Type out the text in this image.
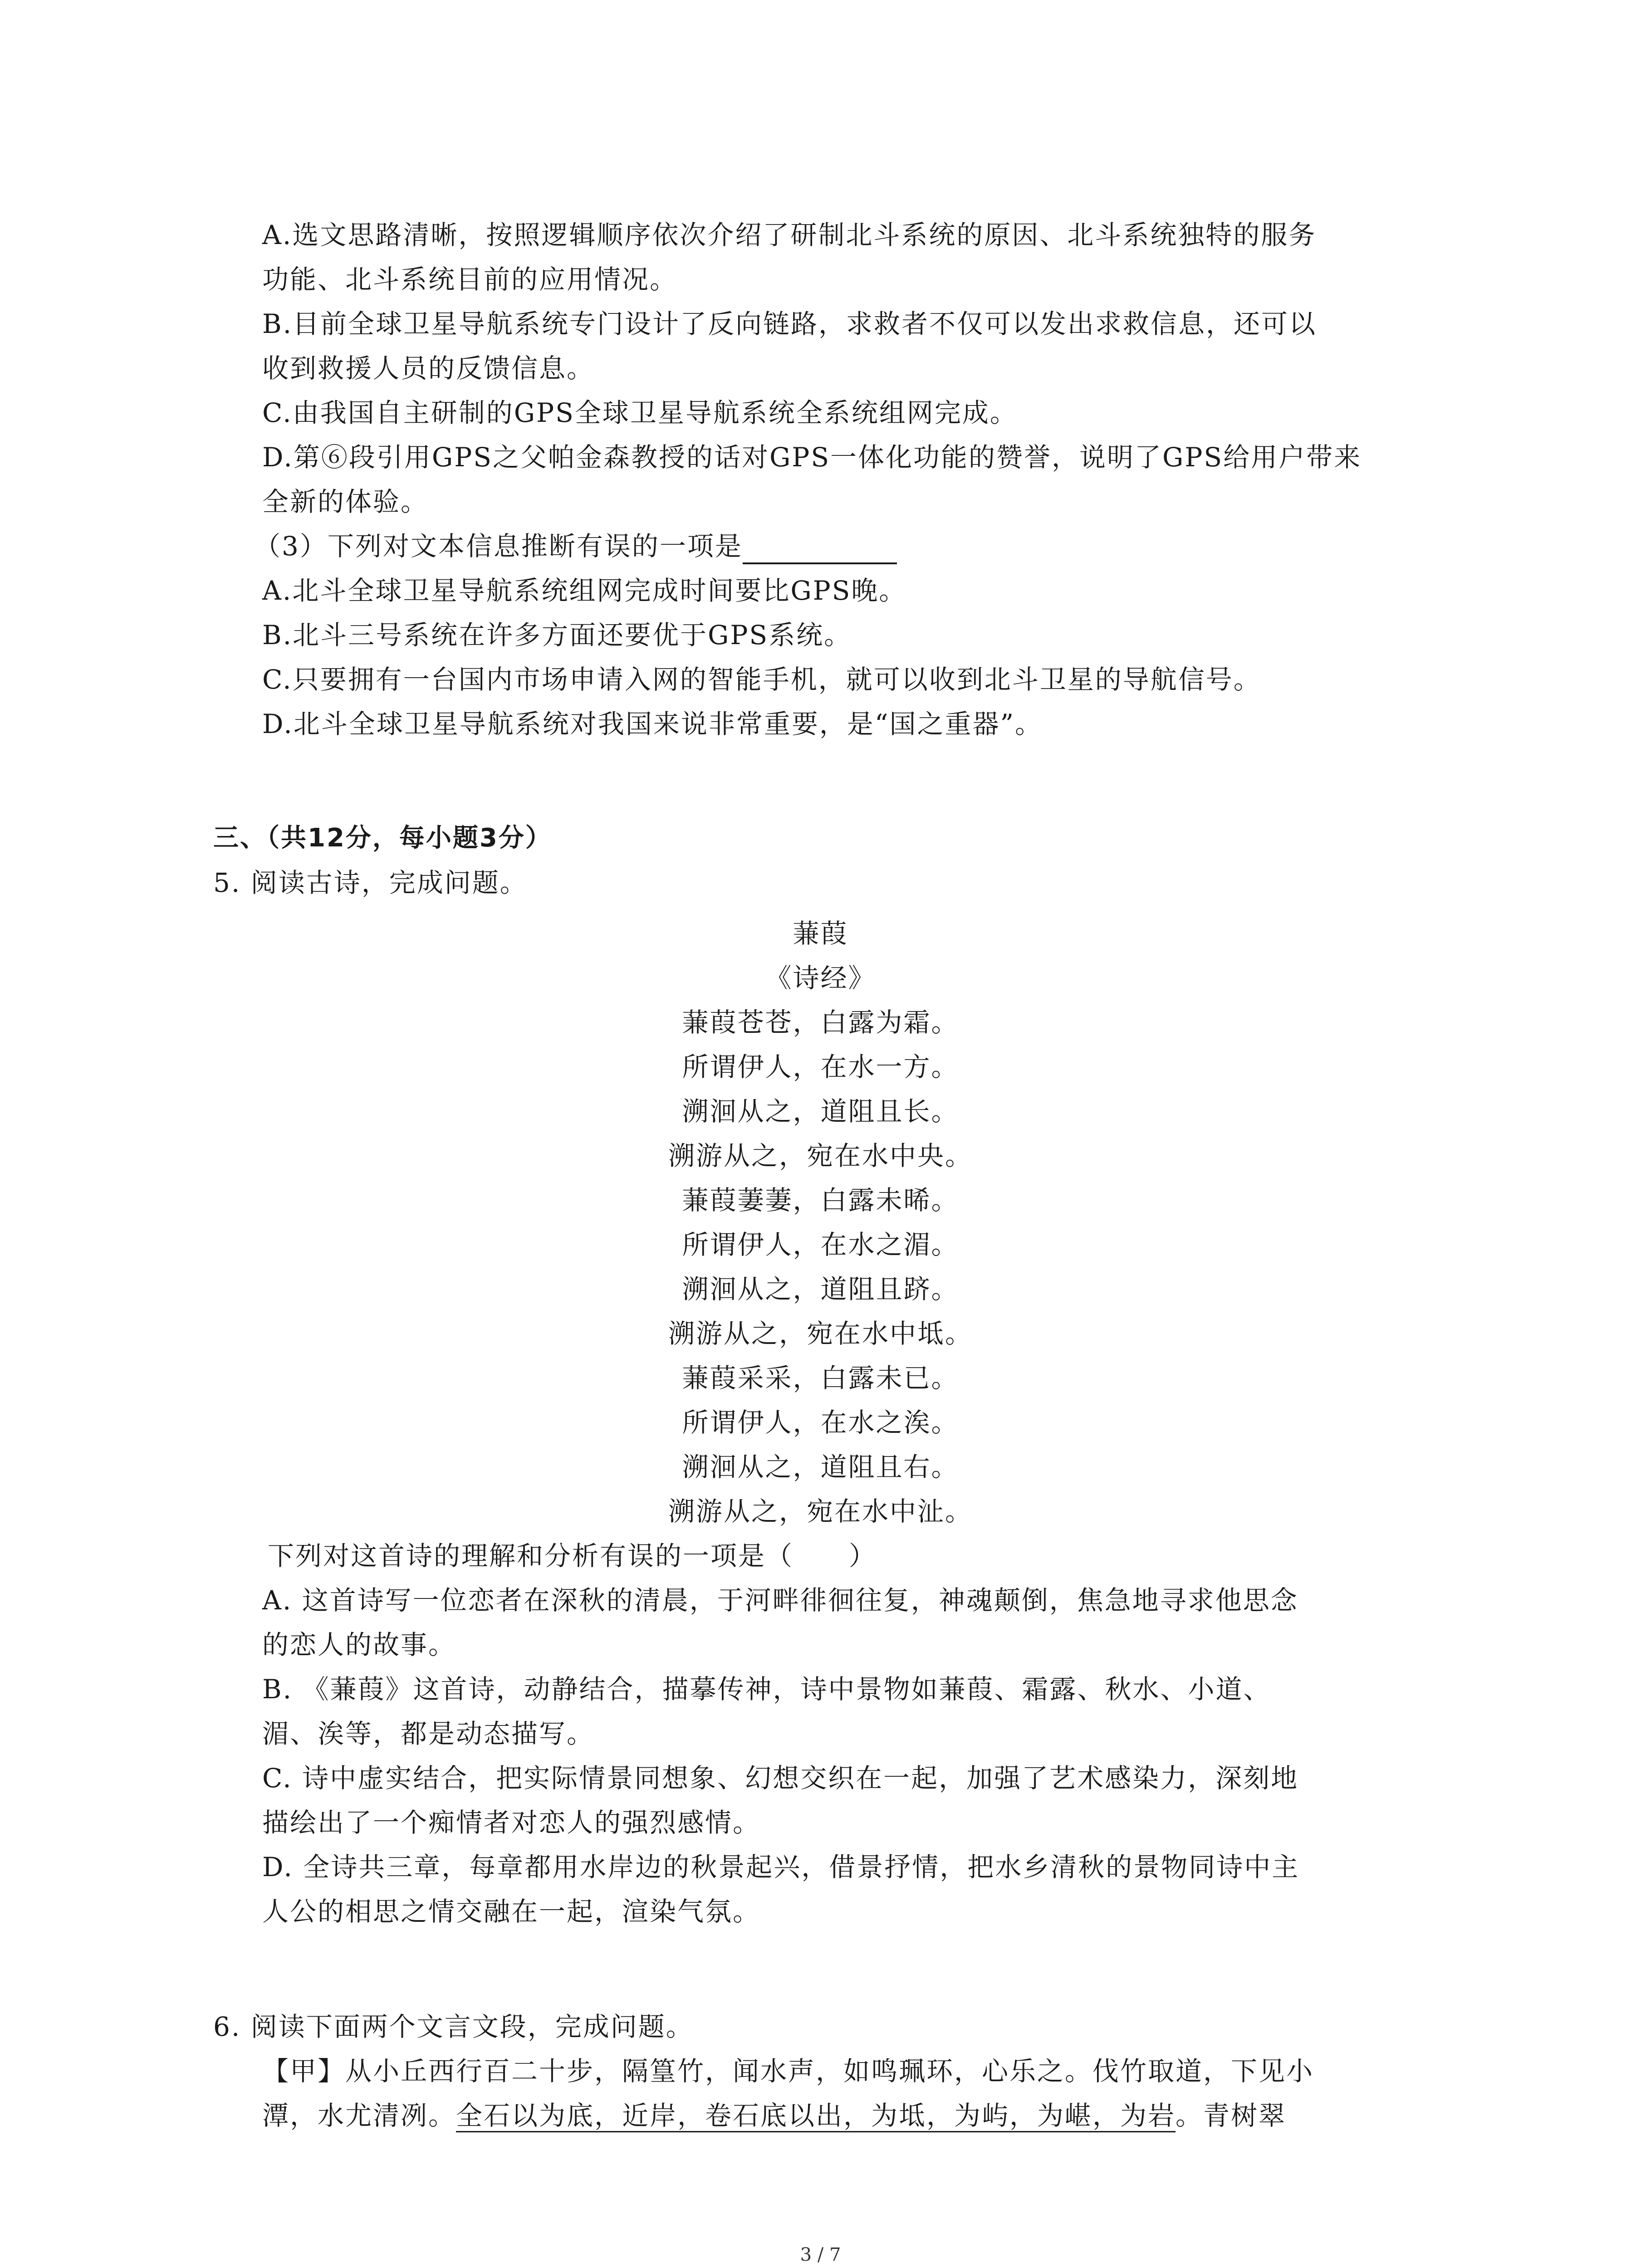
A.选文思路清晰，按照逻辑顺序依次介绍了研制北斗系统的原因、北斗系统独特的服务
功能、北斗系统目前的应用情况。
B.目前全球卫星导航系统专门设计了反向链路，求救者不仅可以发出求救信息，还可以
收到救援人员的反馈信息。
C.由我国自主研制的GPS全球卫星导航系统全系统组网完成。
D.第⑥段引用GPS之父帕金森教授的话对GPS一体化功能的赞誉，说明了GPS给用户带来
全新的体验。
（3）下列对文本信息推断有误的一项是
A.北斗全球卫星导航系统组网完成时间要比GPS晚。
B.北斗三号系统在许多方面还要优于GPS系统。
C.只要拥有一台国内市场申请入网的智能手机，就可以收到北斗卫星的导航信号。
D.北斗全球卫星导航系统对我国来说非常重要，是“国之重器”。
三、（共12分，每小题3分）
5. 阅读古诗，完成问题。
蒹葭
《诗经》
蒹葭苍苍，白露为霜。
所谓伊人，在水一方。
溯洄从之，道阻且长。
溯游从之，宛在水中央。
蒹葭萋萋，白露未晞。
所谓伊人，在水之湄。
溯洄从之，道阻且跻。
溯游从之，宛在水中坻。
蒹葭采采，白露未已。
所谓伊人，在水之涘。
溯洄从之，道阻且右。
溯游从之，宛在水中沚。
下列对这首诗的理解和分析有误的一项是（　　）
A. 这首诗写一位恋者在深秋的清晨，于河畔徘徊往复，神魂颠倒，焦急地寻求他思念
的恋人的故事。
B. 《蒹葭》这首诗，动静结合，描摹传神，诗中景物如蒹葭、霜露、秋水、小道、
湄、涘等，都是动态描写。
C. 诗中虚实结合，把实际情景同想象、幻想交织在一起，加强了艺术感染力，深刻地
描绘出了一个痴情者对恋人的强烈感情。
D. 全诗共三章，每章都用水岸边的秋景起兴，借景抒情，把水乡清秋的景物同诗中主
人公的相思之情交融在一起，渲染气氛。
6. 阅读下面两个文言文段，完成问题。
【甲】从小丘西行百二十步，隔篁竹，闻水声，如鸣珮环，心乐之。伐竹取道，下见小
潭，水尤清冽。全石以为底，近岸，卷石底以出，为坻，为屿，为嵁，为岩。青树翠
3 / 7
